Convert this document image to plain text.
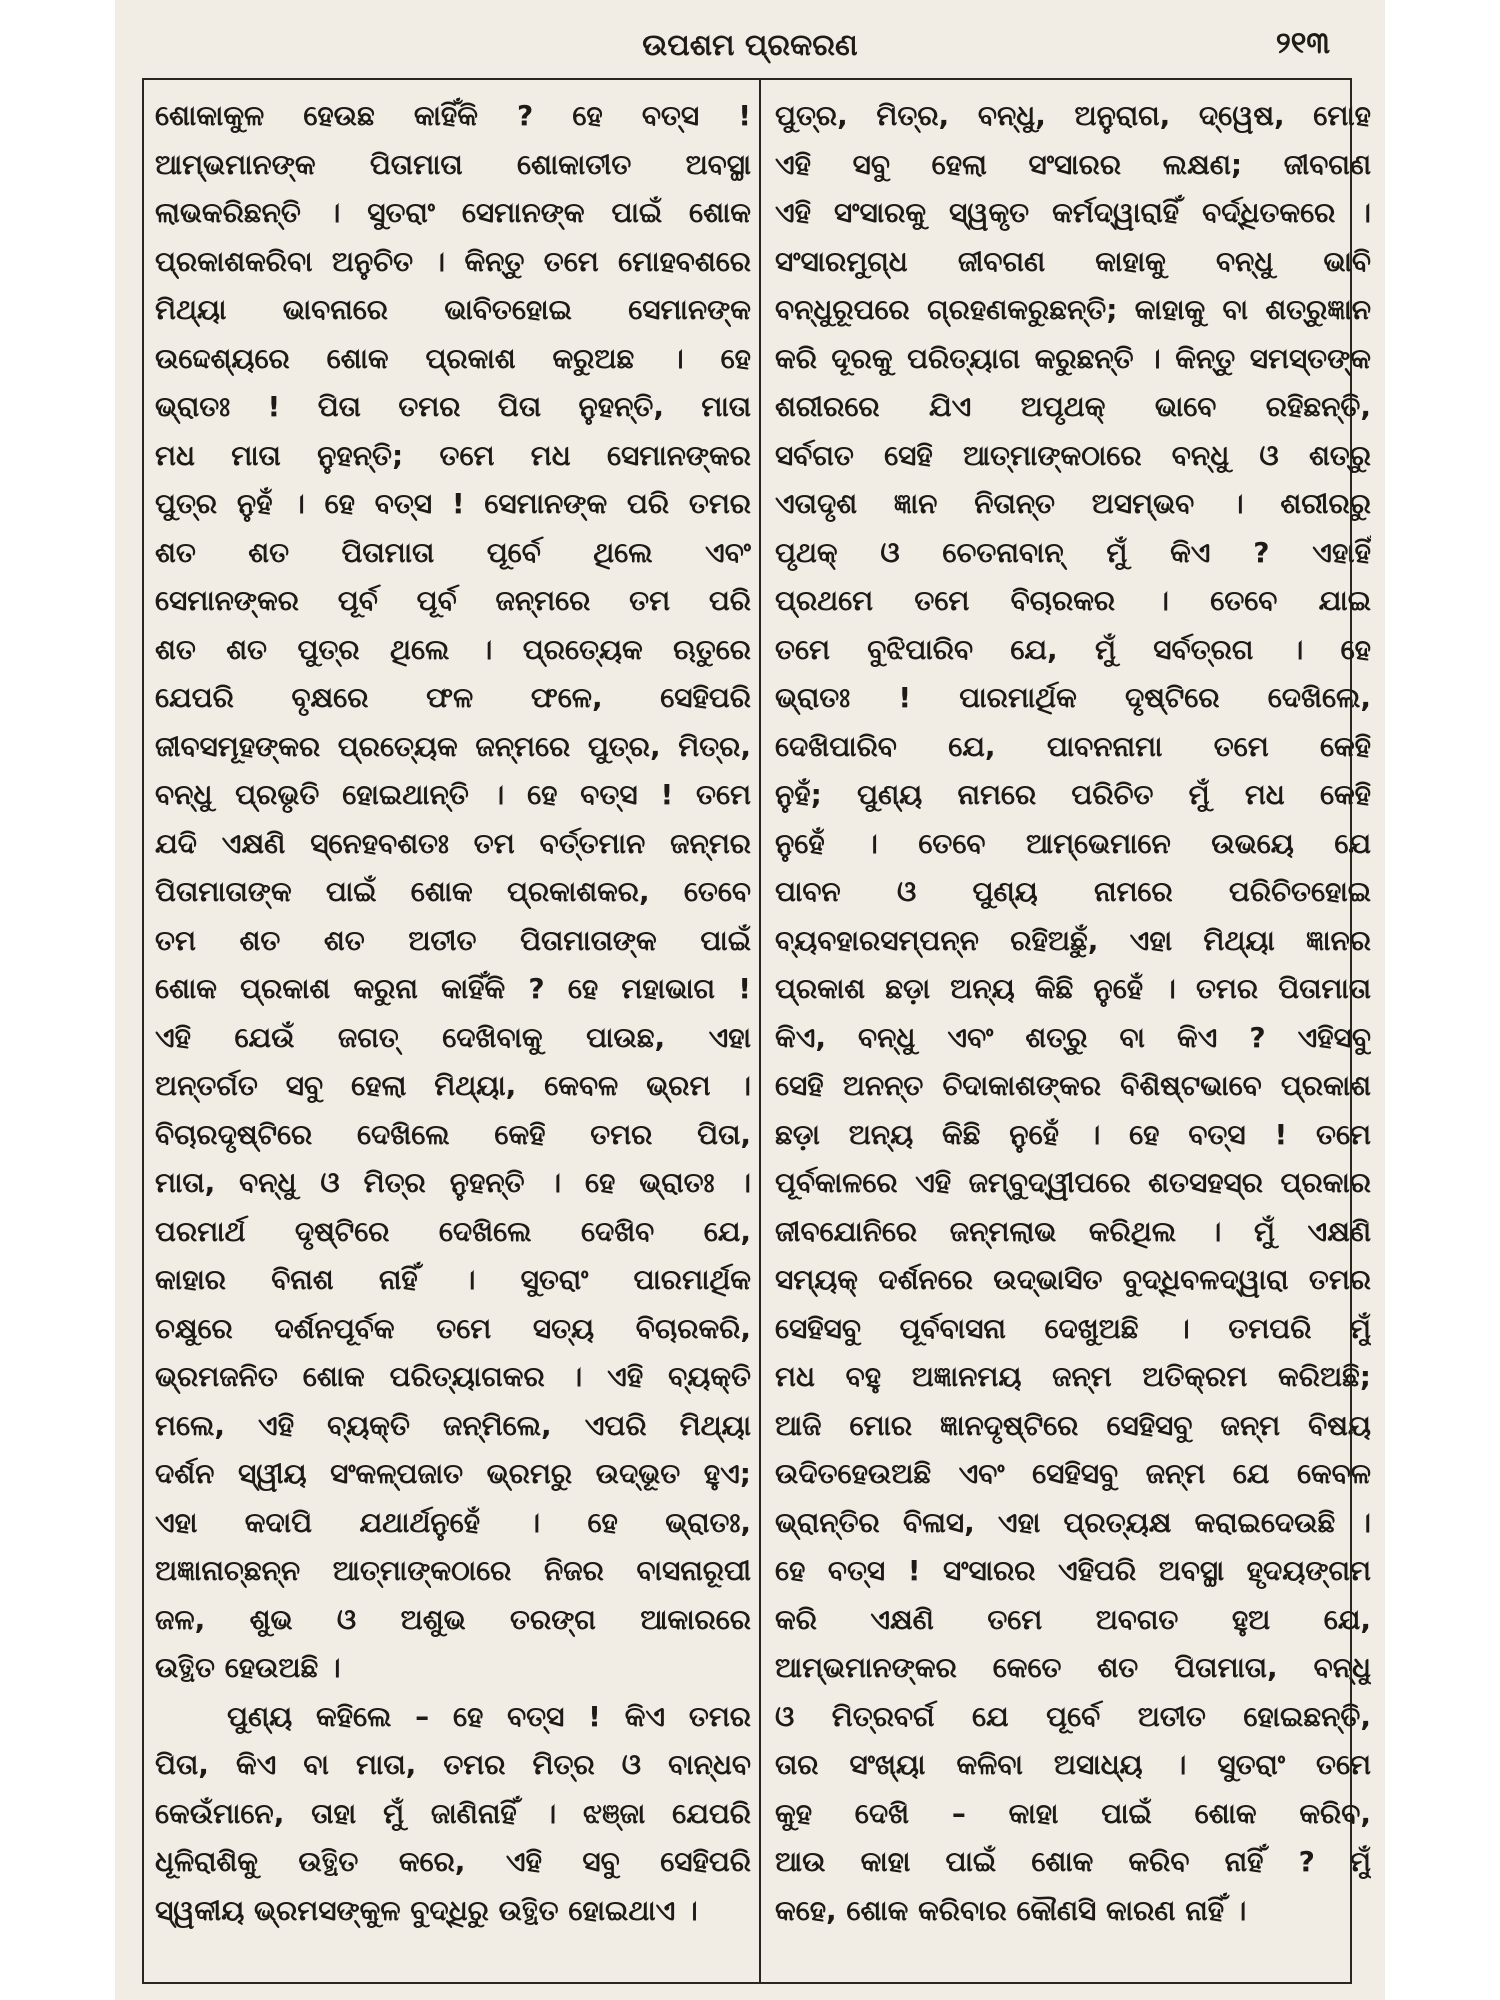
ଉପଶମ ପ୍ରକରଣ	୨୧୩
ଶୋକାକୁଳ ହେଉଛ କାହିଁକି ? ହେ ବତ୍ସ !
ଆମ୍ଭମାନଙ୍କ ପିତାମାତା ଶୋକାତୀତ ଅବସ୍ଥା
ଲାଭକରିଛନ୍ତି । ସୁତରାଂ ସେମାନଙ୍କ ପାଇଁ ଶୋକ
ପ୍ରକାଶକରିବା ଅନୁଚିତ । କିନ୍ତୁ ତମେ ମୋହବଶରେ
ମିଥ୍ୟା ଭାବନାରେ ଭାବିତହୋଇ ସେମାନଙ୍କ
ଉଦ୍ଦେଶ୍ୟରେ ଶୋକ ପ୍ରକାଶ କରୁଅଛ । ହେ
ଭ୍ରାତଃ ! ପିତା ତମର ପିତା ନୁହନ୍ତି, ମାତା
ମଧ ମାତା ନୁହନ୍ତି; ତମେ ମଧ ସେମାନଙ୍କର
ପୁତ୍ର ନୁହଁ । ହେ ବତ୍ସ ! ସେମାନଙ୍କ ପରି ତମର
ଶତ ଶତ ପିତାମାତା ପୂର୍ବେ ଥିଲେ ଏବଂ
ସେମାନଙ୍କର ପୂର୍ବ ପୂର୍ବ ଜନ୍ମରେ ତମ ପରି
ଶତ ଶତ ପୁତ୍ର ଥିଲେ । ପ୍ରତ୍ୟେକ ଋତୁରେ
ଯେପରି ବୃକ୍ଷରେ ଫଳ ଫଳେ, ସେହିପରି
ଜୀବସମୂହଙ୍କର ପ୍ରତ୍ୟେକ ଜନ୍ମରେ ପୁତ୍ର, ମିତ୍ର,
ବନ୍ଧୁ ପ୍ରଭୃତି ହୋଇଥାନ୍ତି । ହେ ବତ୍ସ ! ତମେ
ଯଦି ଏକ୍ଷଣି ସ୍ନେହବଶତଃ ତମ ବର୍ତ୍ତମାନ ଜନ୍ମର
ପିତାମାତାଙ୍କ ପାଇଁ ଶୋକ ପ୍ରକାଶକର, ତେବେ
ତମ ଶତ ଶତ ଅତୀତ ପିତାମାତାଙ୍କ ପାଇଁ
ଶୋକ ପ୍ରକାଶ କରୁନା କାହିଁକି ? ହେ ମହାଭାଗ !
ଏହି ଯେଉଁ ଜଗତ୍ ଦେଖିବାକୁ ପାଉଛ, ଏହା
ଅନ୍ତର୍ଗତ ସବୁ ହେଲା ମିଥ୍ୟା, କେବଳ ଭ୍ରମ ।
ବିଚାରଦୃଷ୍ଟିରେ ଦେଖିଲେ କେହି ତମର ପିତା,
ମାତା, ବନ୍ଧୁ ଓ ମିତ୍ର ନୁହନ୍ତି । ହେ ଭ୍ରାତଃ ।
ପରମାର୍ଥ ଦୃଷ୍ଟିରେ ଦେଖିଲେ ଦେଖିବ ଯେ,
କାହାର ବିନାଶ ନାହିଁ । ସୁତରାଂ ପାରମାର୍ଥିକ
ଚକ୍ଷୁରେ ଦର୍ଶନପୂର୍ବକ ତମେ ସତ୍ୟ ବିଚାରକରି,
ଭ୍ରମଜନିତ ଶୋକ ପରିତ୍ୟାଗକର । ଏହି ବ୍ୟକ୍ତି
ମଲେ, ଏହି ବ୍ୟକ୍ତି ଜନ୍ମିଲେ, ଏପରି ମିଥ୍ୟା
ଦର୍ଶନ ସ୍ୱୀୟ ସଂକଳ୍ପଜାତ ଭ୍ରମରୁ ଉଦ୍ଭୂତ ହୁଏ;
ଏହା କଦାପି ଯଥାର୍ଥନୁହେଁ । ହେ ଭ୍ରାତଃ,
ଅଜ୍ଞାନାଚ୍ଛନ୍ନ ଆତ୍ମାଙ୍କଠାରେ ନିଜର ବାସନାରୂପୀ
ଜଳ, ଶୁଭ ଓ ଅଶୁଭ ତରଙ୍ଗ ଆକାରରେ
ଉତ୍ଥିତ ହେଉଅଛି ।
ପୁଣ୍ୟ କହିଲେ – ହେ ବତ୍ସ ! କିଏ ତମର
ପିତା, କିଏ ବା ମାତା, ତମର ମିତ୍ର ଓ ବାନ୍ଧବ
କେଉଁମାନେ, ତାହା ମୁଁ ଜାଣିନାହିଁ । ଝଞ୍ଜା ଯେପରି
ଧୂଳିରାଶିକୁ ଉତ୍ଥିତ କରେ, ଏହି ସବୁ ସେହିପରି
ସ୍ୱକୀୟ ଭ୍ରମସଙ୍କୁଳ ବୁଦ୍ଧିରୁ ଉତ୍ଥିତ ହୋଇଥାଏ ।
ପୁତ୍ର, ମିତ୍ର, ବନ୍ଧୁ, ଅନୁରାଗ, ଦ୍ୱେଷ, ମୋହ
ଏହି ସବୁ ହେଲା ସଂସାରର ଲକ୍ଷଣ; ଜୀବଗଣ
ଏହି ସଂସାରକୁ ସ୍ୱକୃତ କର୍ମଦ୍ୱାରାହିଁ ବର୍ଦ୍ଧିତକରେ ।
ସଂସାରମୁଗ୍ଧ ଜୀବଗଣ କାହାକୁ ବନ୍ଧୁ ଭାବି
ବନ୍ଧୁରୂପରେ ଗ୍ରହଣକରୁଛନ୍ତି; କାହାକୁ ବା ଶତ୍ରୁଜ୍ଞାନ
କରି ଦୂରକୁ ପରିତ୍ୟାଗ କରୁଛନ୍ତି । କିନ୍ତୁ ସମସ୍ତଙ୍କ
ଶରୀରରେ ଯିଏ ଅପୃଥକ୍ ଭାବେ ରହିଛନ୍ତି,
ସର୍ବଗତ ସେହି ଆତ୍ମାଙ୍କଠାରେ ବନ୍ଧୁ ଓ ଶତ୍ରୁ
ଏତାଦୃଶ ଜ୍ଞାନ ନିତାନ୍ତ ଅସମ୍ଭବ । ଶରୀରରୁ
ପୃଥକ୍ ଓ ଚେତନାବାନ୍ ମୁଁ କିଏ ? ଏହାହିଁ
ପ୍ରଥମେ ତମେ ବିଚାରକର । ତେବେ ଯାଇ
ତମେ ବୁଝିପାରିବ ଯେ, ମୁଁ ସର୍ବତ୍ରଗ । ହେ
ଭ୍ରାତଃ ! ପାରମାର୍ଥିକ ଦୃଷ୍ଟିରେ ଦେଖିଲେ,
ଦେଖିପାରିବ ଯେ, ପାବନନାମା ତମେ କେହି
ନୁହଁ; ପୁଣ୍ୟ ନାମରେ ପରିଚିତ ମୁଁ ମଧ କେହି
ନୁହେଁ । ତେବେ ଆମ୍ଭେମାନେ ଉଭୟେ ଯେ
ପାବନ ଓ ପୁଣ୍ୟ ନାମରେ ପରିଚିତହୋଇ
ବ୍ୟବହାରସମ୍ପନ୍ନ ରହିଅଛୁଁ, ଏହା ମିଥ୍ୟା ଜ୍ଞାନର
ପ୍ରକାଶ ଛଡ଼ା ଅନ୍ୟ କିଛି ନୁହେଁ । ତମର ପିତାମାତା
କିଏ, ବନ୍ଧୁ ଏବଂ ଶତ୍ରୁ ବା କିଏ ? ଏହିସବୁ
ସେହି ଅନନ୍ତ ଚିଦାକାଶଙ୍କର ବିଶିଷ୍ଟଭାବେ ପ୍ରକାଶ
ଛଡ଼ା ଅନ୍ୟ କିଛି ନୁହେଁ । ହେ ବତ୍ସ ! ତମେ
ପୂର୍ବକାଳରେ ଏହି ଜମ୍ବୁଦ୍ୱୀପରେ ଶତସହସ୍ର ପ୍ରକାର
ଜୀବଯୋନିରେ ଜନ୍ମଲାଭ କରିଥିଲ । ମୁଁ ଏକ୍ଷଣି
ସମ୍ୟକ୍ ଦର୍ଶନରେ ଉଦ୍ଭାସିତ ବୁଦ୍ଧିବଳଦ୍ୱାରା ତମର
ସେହିସବୁ ପୂର୍ବବାସନା ଦେଖୁଅଛି । ତମପରି ମୁଁ
ମଧ ବହୁ ଅଜ୍ଞାନମୟ ଜନ୍ମ ଅତିକ୍ରମ କରିଅଛି;
ଆଜି ମୋର ଜ୍ଞାନଦୃଷ୍ଟିରେ ସେହିସବୁ ଜନ୍ମ ବିଷୟ
ଉଦିତହେଉଅଛି ଏବଂ ସେହିସବୁ ଜନ୍ମ ଯେ କେବଳ
ଭ୍ରାନ୍ତିର ବିଳାସ, ଏହା ପ୍ରତ୍ୟକ୍ଷ କରାଇଦେଉଛି ।
ହେ ବତ୍ସ ! ସଂସାରର ଏହିପରି ଅବସ୍ଥା ହୃଦୟଙ୍ଗମ
କରି ଏକ୍ଷଣି ତମେ ଅବଗତ ହୁଅ ଯେ,
ଆମ୍ଭମାନଙ୍କର କେତେ ଶତ ପିତାମାତା, ବନ୍ଧୁ
ଓ ମିତ୍ରବର୍ଗ ଯେ ପୂର୍ବେ ଅତୀତ ହୋଇଛନ୍ତି,
ତାର ସଂଖ୍ୟା କଳିବା ଅସାଧ୍ୟ । ସୁତରାଂ ତମେ
କୁହ ଦେଖି – କାହା ପାଇଁ ଶୋକ କରିବ,
ଆଉ କାହା ପାଇଁ ଶୋକ କରିବ ନାହିଁ ? ମୁଁ
କହେ, ଶୋକ କରିବାର କୌଣସି କାରଣ ନାହିଁ ।
